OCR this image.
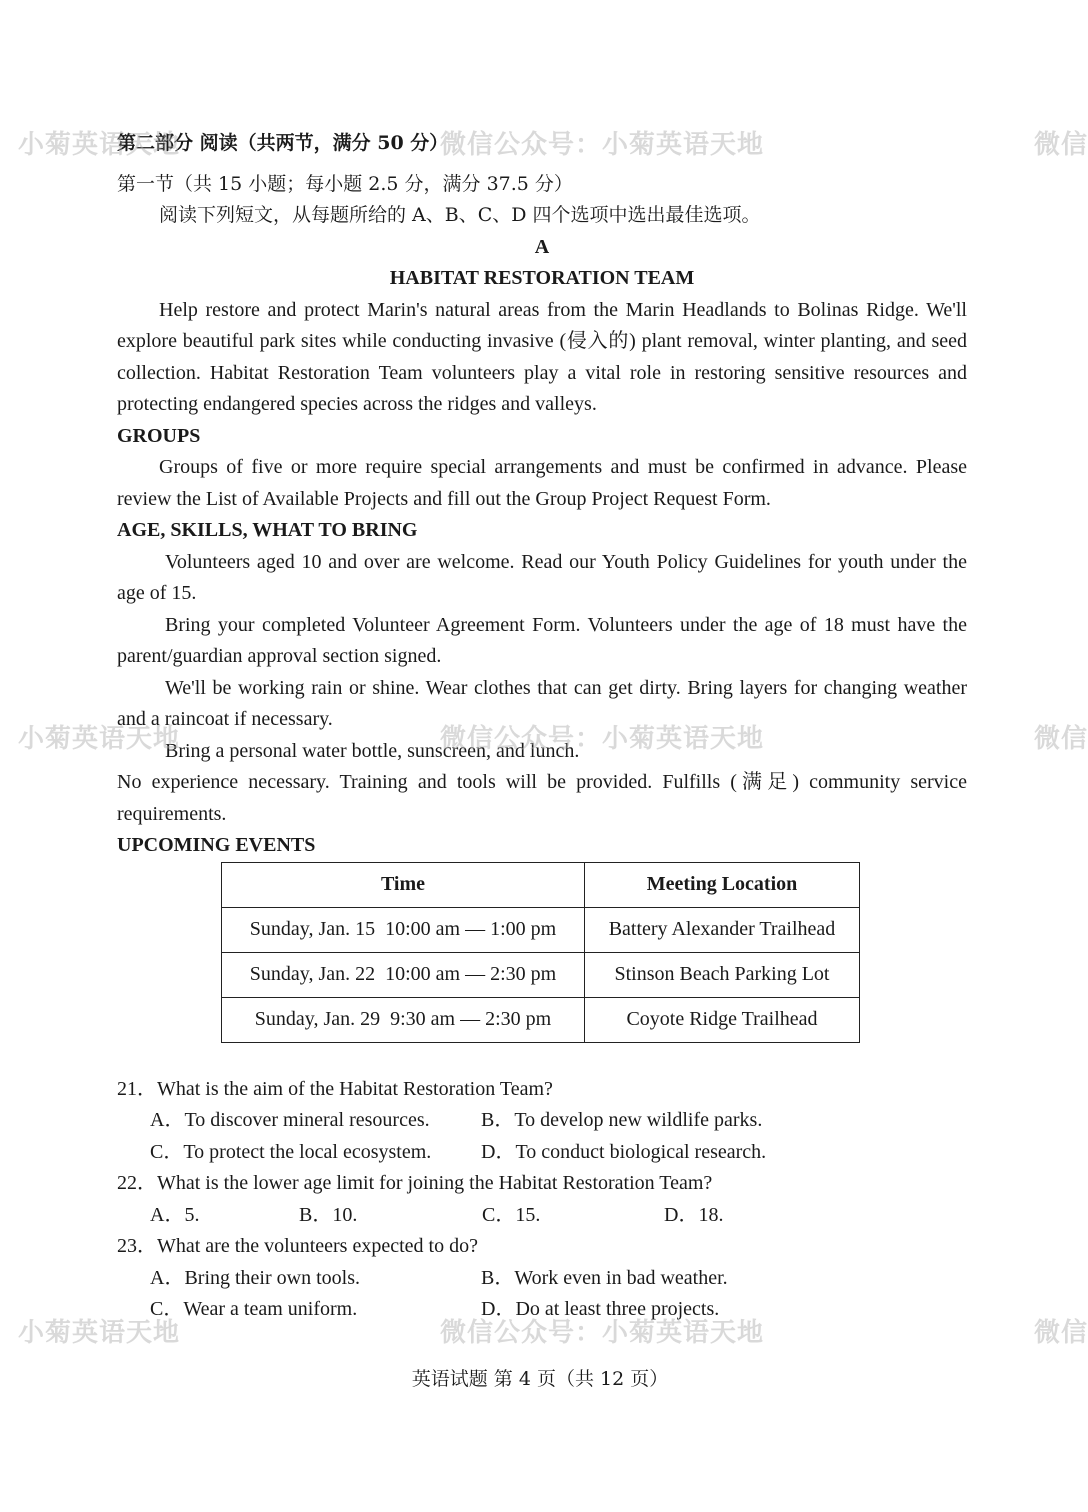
第二部分 阅读（共两节，满分 50 分）
第一节（共 15 小题；每小题 2.5 分，满分 37.5 分）
阅读下列短文，从每题所给的 A、B、C、D 四个选项中选出最佳选项。
A
HABITAT RESTORATION TEAM

Help restore and protect Marin's natural areas from the Marin Headlands to Bolinas Ridge. We'll explore beautiful park sites while conducting invasive (侵入的) plant removal, winter planting, and seed collection. Habitat Restoration Team volunteers play a vital role in restoring sensitive resources and protecting endangered species across the ridges and valleys.

GROUPS

Groups of five or more require special arrangements and must be confirmed in advance. Please review the List of Available Projects and fill out the Group Project Request Form.

AGE, SKILLS, WHAT TO BRING

Volunteers aged 10 and over are welcome. Read our Youth Policy Guidelines for youth under the age of 15.

Bring your completed Volunteer Agreement Form. Volunteers under the age of 18 must have the parent/guardian approval section signed.

We'll be working rain or shine. Wear clothes that can get dirty. Bring layers for changing weather and a raincoat if necessary.

Bring a personal water bottle, sunscreen, and lunch.

No experience necessary. Training and tools will be provided. Fulfills (满足) community service requirements.

UPCOMING EVENTS
Time	Meeting Location
Sunday, Jan. 15  10:00 am — 1:00 pm	Battery Alexander Trailhead
Sunday, Jan. 22  10:00 am — 2:30 pm	Stinson Beach Parking Lot
Sunday, Jan. 29  9:30 am — 2:30 pm	Coyote Ridge Trailhead
21．What is the aim of the Habitat Restoration Team?
A．To discover mineral resources.	B．To develop new wildlife parks.
C．To protect the local ecosystem.	D．To conduct biological research.
22．What is the lower age limit for joining the Habitat Restoration Team?
A．5.	B．10.	C．15.	D．18.
23．What are the volunteers expected to do?
A．Bring their own tools.	B．Work even in bad weather.
C．Wear a team uniform.	D．Do at least three projects.
英语试题 第 4 页（共 12 页）
小菊英语天地	微信公众号：小菊英语天地	微信
小菊英语天地	微信公众号：小菊英语天地	微信
小菊英语天地	微信公众号：小菊英语天地	微信
